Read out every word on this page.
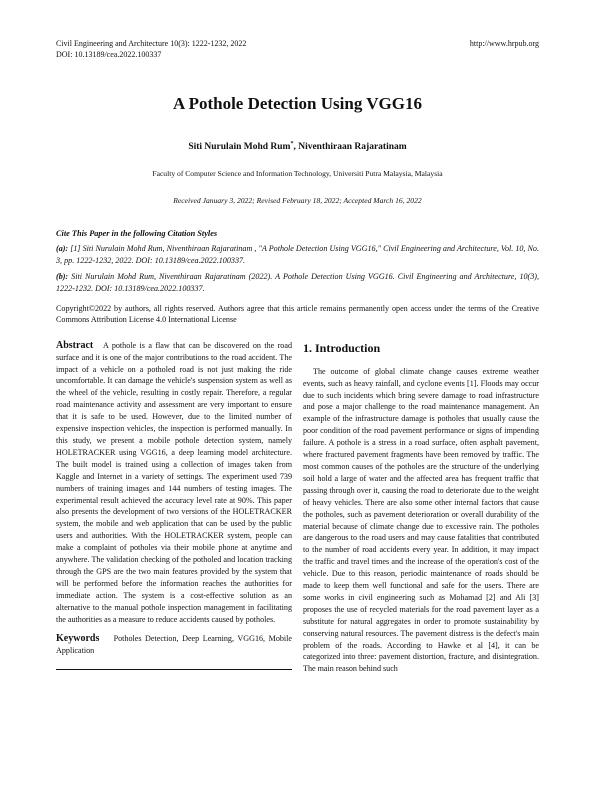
Civil Engineering and Architecture 10(3): 1222-1232, 2022
DOI: 10.13189/cea.2022.100337
http://www.hrpub.org
A Pothole Detection Using VGG16
Siti Nurulain Mohd Rum*, Niventhiraan Rajaratinam
Faculty of Computer Science and Information Technology, Universiti Putra Malaysia, Malaysia
Received January 3, 2022; Revised February 18, 2022; Accepted March 16, 2022
Cite This Paper in the following Citation Styles
(a): [1] Siti Nurulain Mohd Rum, Niventhiraan Rajaratinam , "A Pothole Detection Using VGG16," Civil Engineering and Architecture, Vol. 10, No. 3, pp. 1222-1232, 2022. DOI: 10.13189/cea.2022.100337.
(b): Siti Nurulain Mohd Rum, Niventhiraan Rajaratinam (2022). A Pothole Detection Using VGG16. Civil Engineering and Architecture, 10(3), 1222-1232. DOI: 10.13189/cea.2022.100337.
Copyright©2022 by authors, all rights reserved. Authors agree that this article remains permanently open access under the terms of the Creative Commons Attribution License 4.0 International License
Abstract A pothole is a flaw that can be discovered on the road surface and it is one of the major contributions to the road accident. The impact of a vehicle on a potholed road is not just making the ride uncomfortable. It can damage the vehicle's suspension system as well as the wheel of the vehicle, resulting in costly repair. Therefore, a regular road maintenance activity and assessment are very important to ensure that it is safe to be used. However, due to the limited number of expensive inspection vehicles, the inspection is performed manually. In this study, we present a mobile pothole detection system, namely HOLETRACKER using VGG16, a deep learning model architecture. The built model is trained using a collection of images taken from Kaggle and Internet in a variety of settings. The experiment used 739 numbers of training images and 144 numbers of testing images. The experimental result achieved the accuracy level rate at 90%. This paper also presents the development of two versions of the HOLETRACKER system, the mobile and web application that can be used by the public users and authorities. With the HOLETRACKER system, people can make a complaint of potholes via their mobile phone at anytime and anywhere. The validation checking of the potholed and location tracking through the GPS are the two main features provided by the system that will be performed before the information reaches the authorities for immediate action. The system is a cost-effective solution as an alternative to the manual pothole inspection management in facilitating the authorities as a measure to reduce accidents caused by potholes.
Keywords Potholes Detection, Deep Learning, VGG16, Mobile Application
1. Introduction
The outcome of global climate change causes extreme weather events, such as heavy rainfall, and cyclone events [1]. Floods may occur due to such incidents which bring severe damage to road infrastructure and pose a major challenge to the road maintenance management. An example of the infrastructure damage is potholes that usually cause the poor condition of the road pavement performance or signs of impending failure. A pothole is a stress in a road surface, often asphalt pavement, where fractured pavement fragments have been removed by traffic. The most common causes of the potholes are the structure of the underlying soil hold a large of water and the affected area has frequent traffic that passing through over it, causing the road to deteriorate due to the weight of heavy vehicles. There are also some other internal factors that cause the potholes, such as pavement deterioration or overall durability of the material because of climate change due to excessive rain. The potholes are dangerous to the road users and may cause fatalities that contributed to the number of road accidents every year. In addition, it may impact the traffic and travel times and the increase of the operation's cost of the vehicle. Due to this reason, periodic maintenance of roads should be made to keep them well functional and safe for the users. There are some works in civil engineering such as Mohamad [2] and Ali [3] proposes the use of recycled materials for the road pavement layer as a substitute for natural aggregates in order to promote sustainability by conserving natural resources. The pavement distress is the defect's main problem of the roads. According to Hawke et al [4], it can be categorized into three: pavement distortion, fracture, and disintegration. The main reason behind such
